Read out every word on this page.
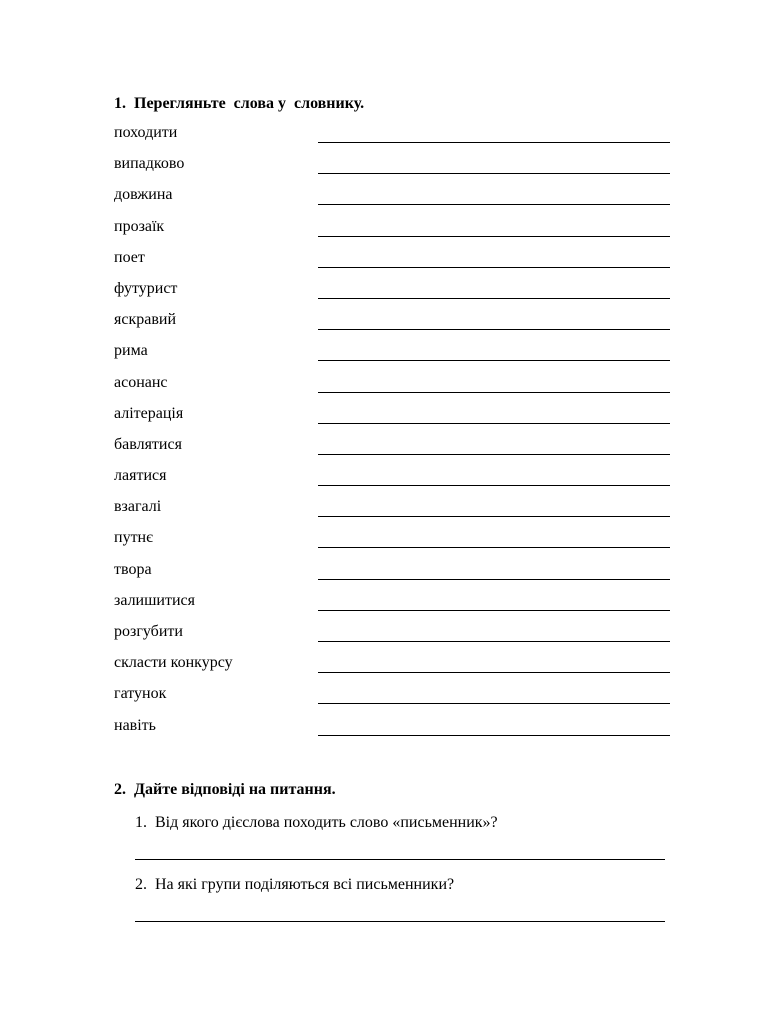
1.  Перегляньте  слова у  словнику.
походити
випадково
довжина
прозаїк
поет
футурист
яскравий
рима
асонанс
алітерація
бавлятися
лаятися
взагалі
путнє
твора
залишитися
розгубити
скласти конкурсу
гатунок
навіть
2.  Дайте відповіді на питання.
1.  Від якого дієслова походить слово «письменник»?
2.  На які групи поділяються всі письменники?
